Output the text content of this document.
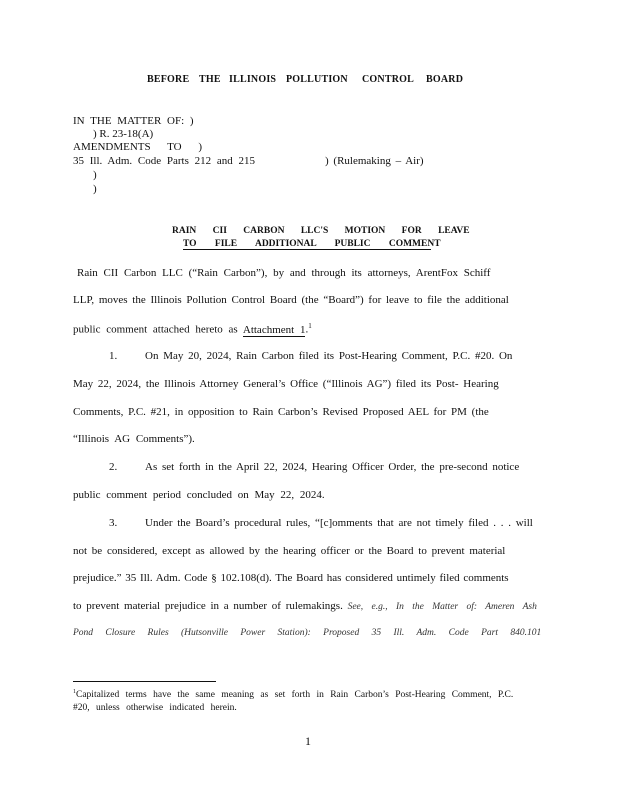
BEFORE THE ILLINOIS POLLUTION CONTROL BOARD
IN THE MATTER OF: )
) R. 23-18(A)
AMENDMENTS TO )
35 Ill. Adm. Code Parts 212 and 215	) (Rulemaking – Air)
)
)
RAIN CII CARBON LLC'S MOTION FOR LEAVE
TO FILE ADDITIONAL PUBLIC COMMENT
Rain CII Carbon LLC (“Rain Carbon”), by and through its attorneys, ArentFox Schiff
LLP, moves the Illinois Pollution Control Board (the “Board”) for leave to file the additional
public comment attached hereto as Attachment 1.$^1$
1.	On May 20, 2024, Rain Carbon filed its Post-Hearing Comment, P.C. #20. On
May 22, 2024, the Illinois Attorney General’s Office (“Illinois AG”) filed its Post- Hearing
Comments, P.C. #21, in opposition to Rain Carbon’s Revised Proposed AEL for PM (the
“Illinois AG Comments”).
2.	As set forth in the April 22, 2024, Hearing Officer Order, the pre-second notice
public comment period concluded on May 22, 2024.
3.	Under the Board’s procedural rules, “[c]omments that are not timely filed . . . will
not be considered, except as allowed by the hearing officer or the Board to prevent material
prejudice.” 35 Ill. Adm. Code § 102.108(d). The Board has considered untimely filed comments
to prevent material prejudice in a number of rulemakings. See, e.g., In the Matter of: Ameren Ash
Pond Closure Rules (Hutsonville Power Station): Proposed 35 Ill. Adm. Code Part 840.101
$^1$Capitalized terms have the same meaning as set forth in Rain Carbon’s Post-Hearing Comment, P.C.
#20, unless otherwise indicated herein.
1
